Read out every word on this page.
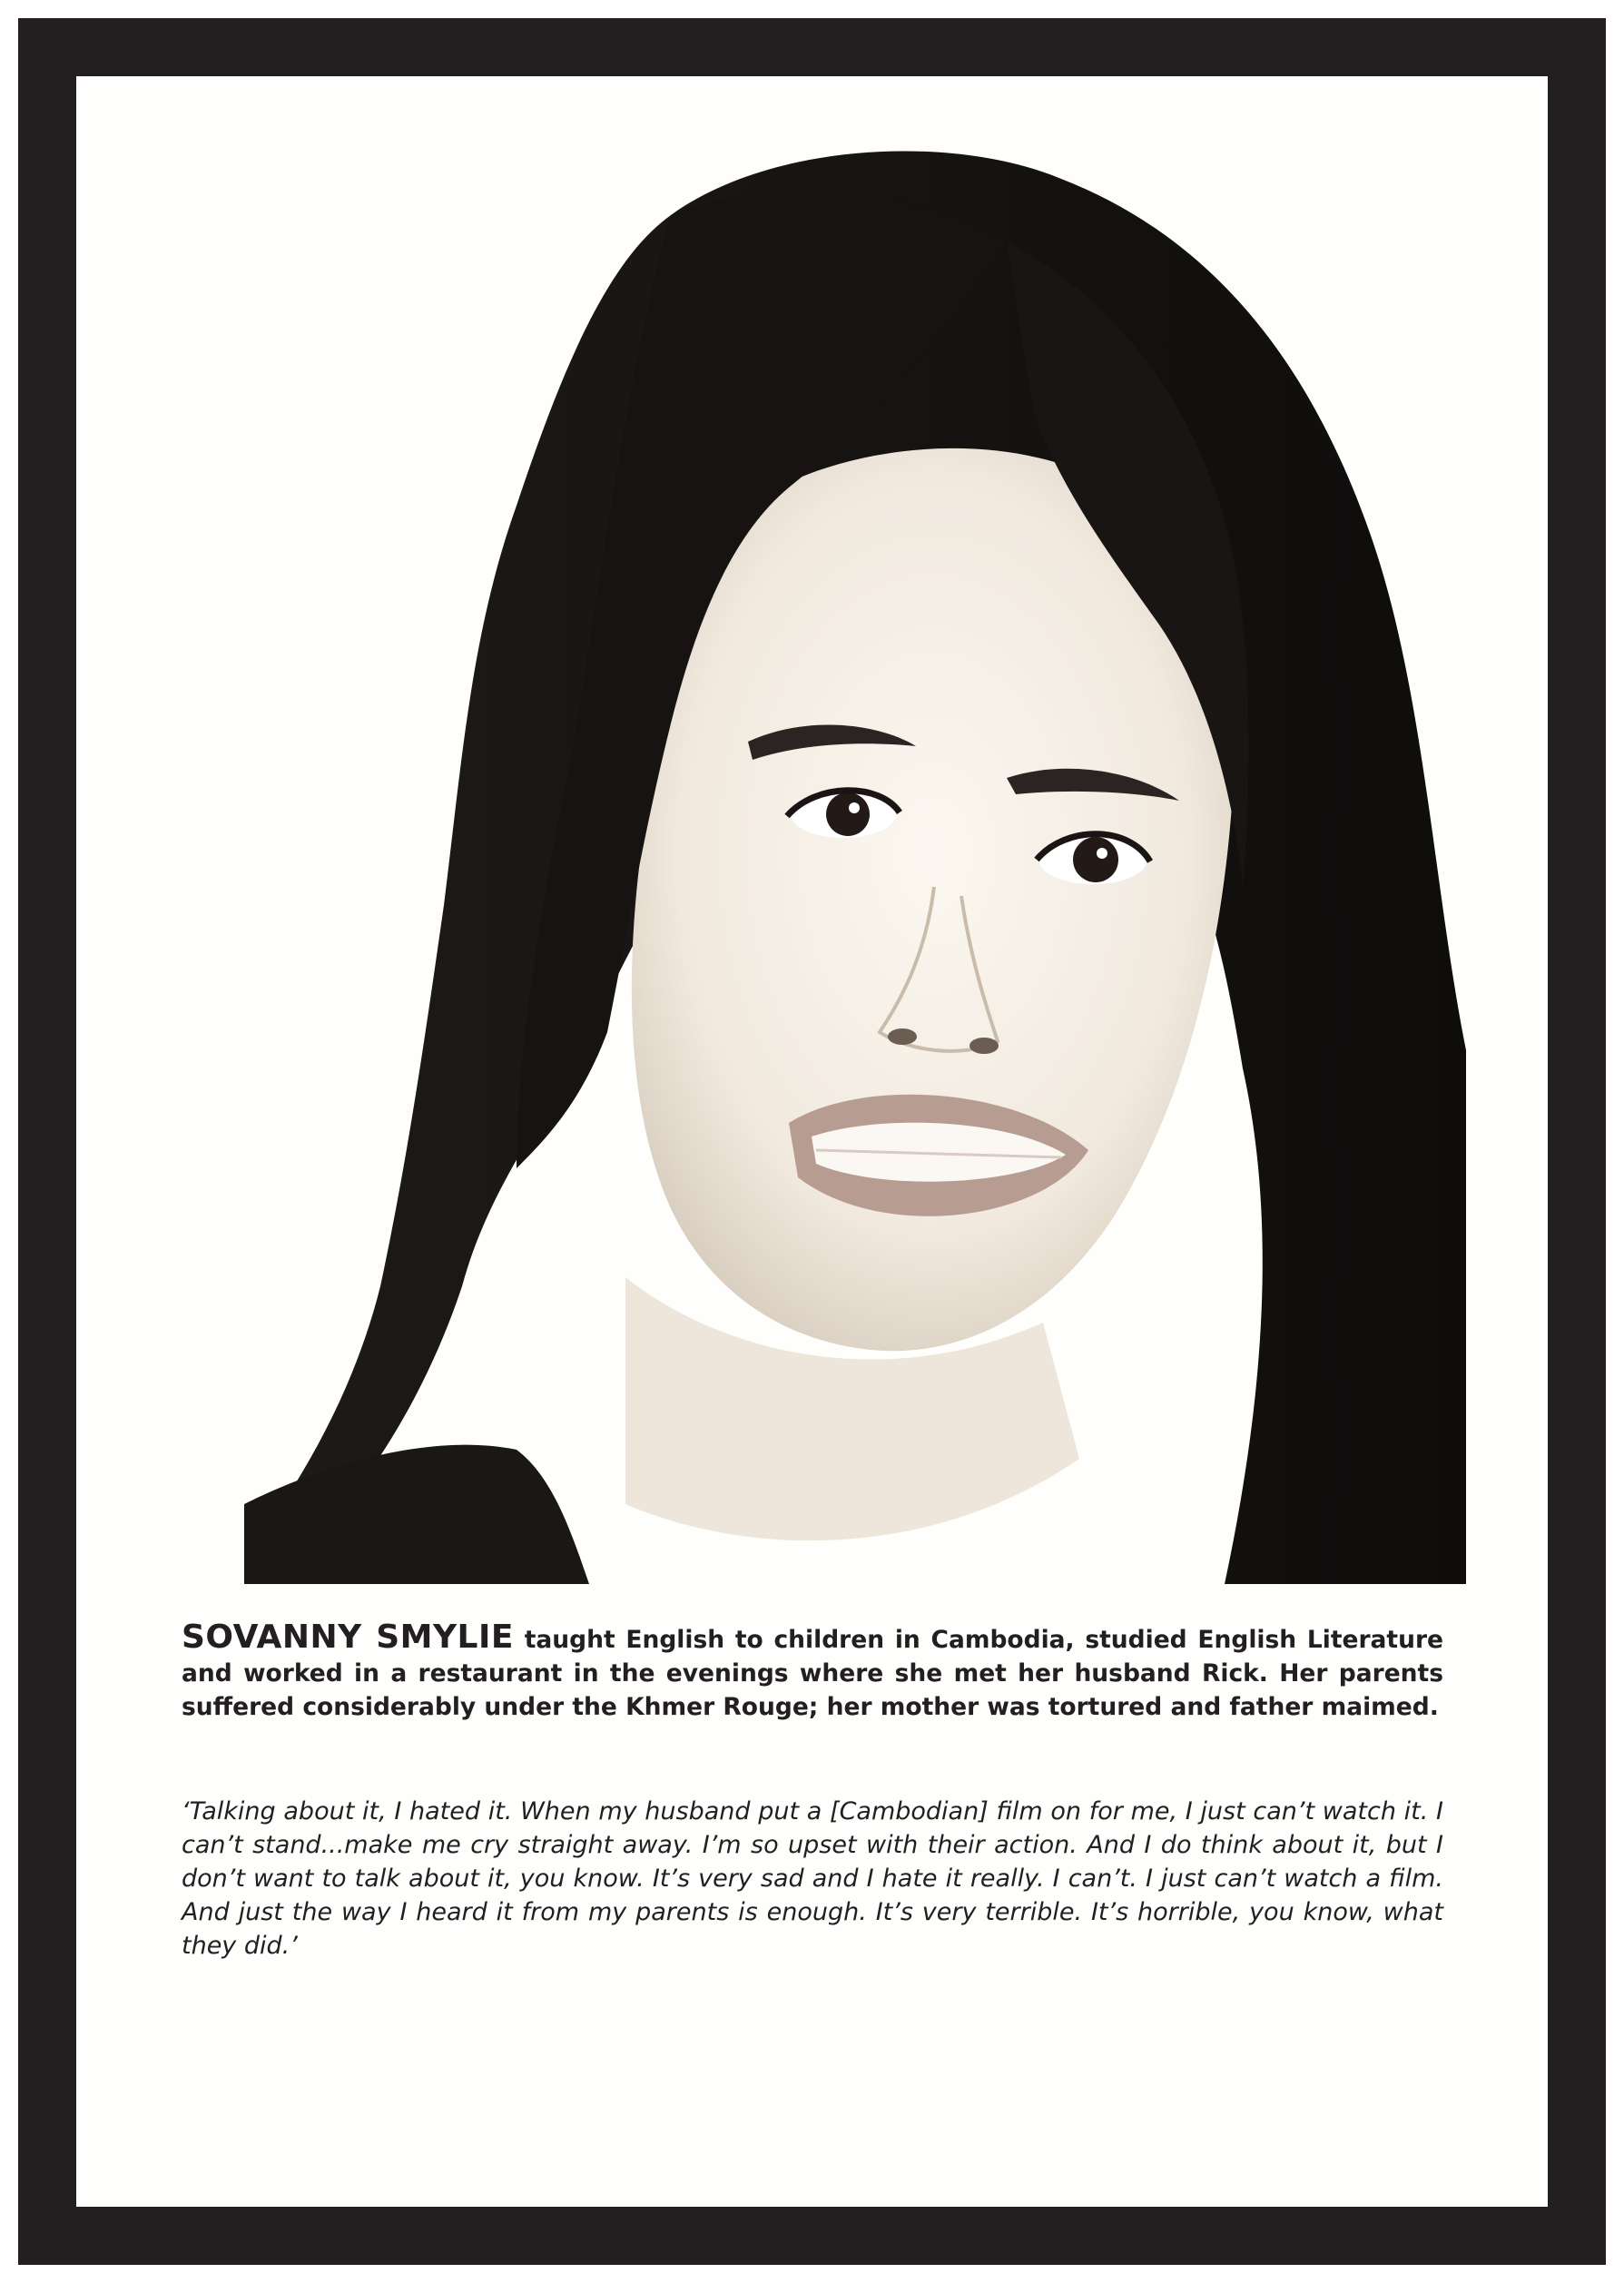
SOVANNY SMYLIE taught English to children in Cambodia, studied English Literature and worked in a restaurant in the evenings where she met her husband Rick. Her parents suffered considerably under the Khmer Rouge; her mother was tortured and father maimed.

‘Talking about it, I hated it. When my husband put a [Cambodian] film on for me, I just can’t watch it. I can’t stand...make me cry straight away. I’m so upset with their action. And I do think about it, but I don’t want to talk about it, you know. It’s very sad and I hate it really. I can’t. I just can’t watch a film. And just the way I heard it from my parents is enough. It’s very terrible. It’s horrible, you know, what they did.’
